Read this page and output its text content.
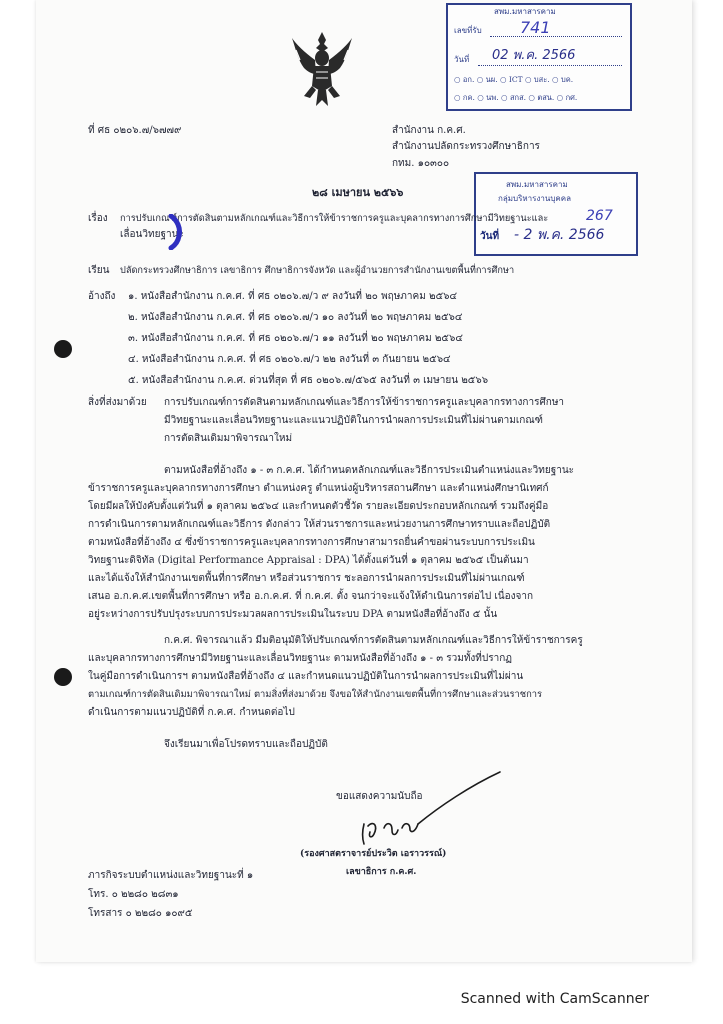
สพม.มหาสารคาม
เลขที่รับ 741
วันที่ 02 พ.ค. 2566
○ อก. ○ นผ. ○ ICT ○ บสะ. ○ บค.
○ กค. ○ นพ. ○ สกส. ○ ตสน. ○ กศ.
สพม.มหาสารคาม
กลุ่มบริหารงานบุคคล
267
วันที่ - 2 พ.ค. 2566
ที่ ศธ ๐๒๐๖.๗/๖๗๗๙	สำนักงาน ก.ค.ศ.
สำนักงานปลัดกระทรวงศึกษาธิการ
กทม. ๑๐๓๐๐
๒๘ เมษายน ๒๕๖๖
เรื่อง การปรับเกณฑ์การตัดสินตามหลักเกณฑ์และวิธีการให้ข้าราชการครูและบุคลากรทางการศึกษามีวิทยฐานะและ
เลื่อนวิทยฐานะ
เรียน ปลัดกระทรวงศึกษาธิการ เลขาธิการ ศึกษาธิการจังหวัด และผู้อำนวยการสำนักงานเขตพื้นที่การศึกษา
อ้างถึง ๑. หนังสือสำนักงาน ก.ค.ศ. ที่ ศธ ๐๒๐๖.๗/ว ๙ ลงวันที่ ๒๐ พฤษภาคม ๒๕๖๔
๒. หนังสือสำนักงาน ก.ค.ศ. ที่ ศธ ๐๒๐๖.๗/ว ๑๐ ลงวันที่ ๒๐ พฤษภาคม ๒๕๖๔
๓. หนังสือสำนักงาน ก.ค.ศ. ที่ ศธ ๐๒๐๖.๗/ว ๑๑ ลงวันที่ ๒๐ พฤษภาคม ๒๕๖๔
๔. หนังสือสำนักงาน ก.ค.ศ. ที่ ศธ ๐๒๐๖.๗/ว ๒๒ ลงวันที่ ๓ กันยายน ๒๕๖๔
๕. หนังสือสำนักงาน ก.ค.ศ. ด่วนที่สุด ที่ ศธ ๐๒๐๖.๗/๕๖๕ ลงวันที่ ๓ เมษายน ๒๕๖๖
สิ่งที่ส่งมาด้วย การปรับเกณฑ์การตัดสินตามหลักเกณฑ์และวิธีการให้ข้าราชการครูและบุคลากรทางการศึกษา
มีวิทยฐานะและเลื่อนวิทยฐานะและแนวปฏิบัติในการนำผลการประเมินที่ไม่ผ่านตามเกณฑ์
การตัดสินเดิมมาพิจารณาใหม่
ตามหนังสือที่อ้างถึง ๑ - ๓ ก.ค.ศ. ได้กำหนดหลักเกณฑ์และวิธีการประเมินตำแหน่งและวิทยฐานะ
ข้าราชการครูและบุคลากรทางการศึกษา ตำแหน่งครู ตำแหน่งผู้บริหารสถานศึกษา และตำแหน่งศึกษานิเทศก์
โดยมีผลให้บังคับตั้งแต่วันที่ ๑ ตุลาคม ๒๕๖๔ และกำหนดตัวชี้วัด รายละเอียดประกอบหลักเกณฑ์ รวมถึงคู่มือ
การดำเนินการตามหลักเกณฑ์และวิธีการ ดังกล่าว ให้ส่วนราชการและหน่วยงานการศึกษาทราบและถือปฏิบัติ
ตามหนังสือที่อ้างถึง ๔ ซึ่งข้าราชการครูและบุคลากรทางการศึกษาสามารถยื่นคำขอผ่านระบบการประเมิน
วิทยฐานะดิจิทัล (Digital Performance Appraisal : DPA) ได้ตั้งแต่วันที่ ๑ ตุลาคม ๒๕๖๕ เป็นต้นมา
และได้แจ้งให้สำนักงานเขตพื้นที่การศึกษา หรือส่วนราชการ ชะลอการนำผลการประเมินที่ไม่ผ่านเกณฑ์
เสนอ อ.ก.ค.ศ.เขตพื้นที่การศึกษา หรือ อ.ก.ค.ศ. ที่ ก.ค.ศ. ตั้ง จนกว่าจะแจ้งให้ดำเนินการต่อไป เนื่องจาก
อยู่ระหว่างการปรับปรุงระบบการประมวลผลการประเมินในระบบ DPA ตามหนังสือที่อ้างถึง ๕ นั้น
ก.ค.ศ. พิจารณาแล้ว มีมติอนุมัติให้ปรับเกณฑ์การตัดสินตามหลักเกณฑ์และวิธีการให้ข้าราชการครู
และบุคลากรทางการศึกษามีวิทยฐานะและเลื่อนวิทยฐานะ ตามหนังสือที่อ้างถึง ๑ - ๓ รวมทั้งที่ปรากฏ
ในคู่มือการดำเนินการฯ ตามหนังสือที่อ้างถึง ๔ และกำหนดแนวปฏิบัติในการนำผลการประเมินที่ไม่ผ่าน
ตามเกณฑ์การตัดสินเดิมมาพิจารณาใหม่ ตามสิ่งที่ส่งมาด้วย จึงขอให้สำนักงานเขตพื้นที่การศึกษาและส่วนราชการ
ดำเนินการตามแนวปฏิบัติที่ ก.ค.ศ. กำหนดต่อไป
จึงเรียนมาเพื่อโปรดทราบและถือปฏิบัติ
ขอแสดงความนับถือ
(รองศาสตราจารย์ประวิต เอราวรรณ์)
เลขาธิการ ก.ค.ศ.
ภารกิจระบบตำแหน่งและวิทยฐานะที่ ๑
โทร. ๐ ๒๒๘๐ ๒๘๓๑
โทรสาร ๐ ๒๒๘๐ ๑๐๙๕
Scanned with CamScanner
